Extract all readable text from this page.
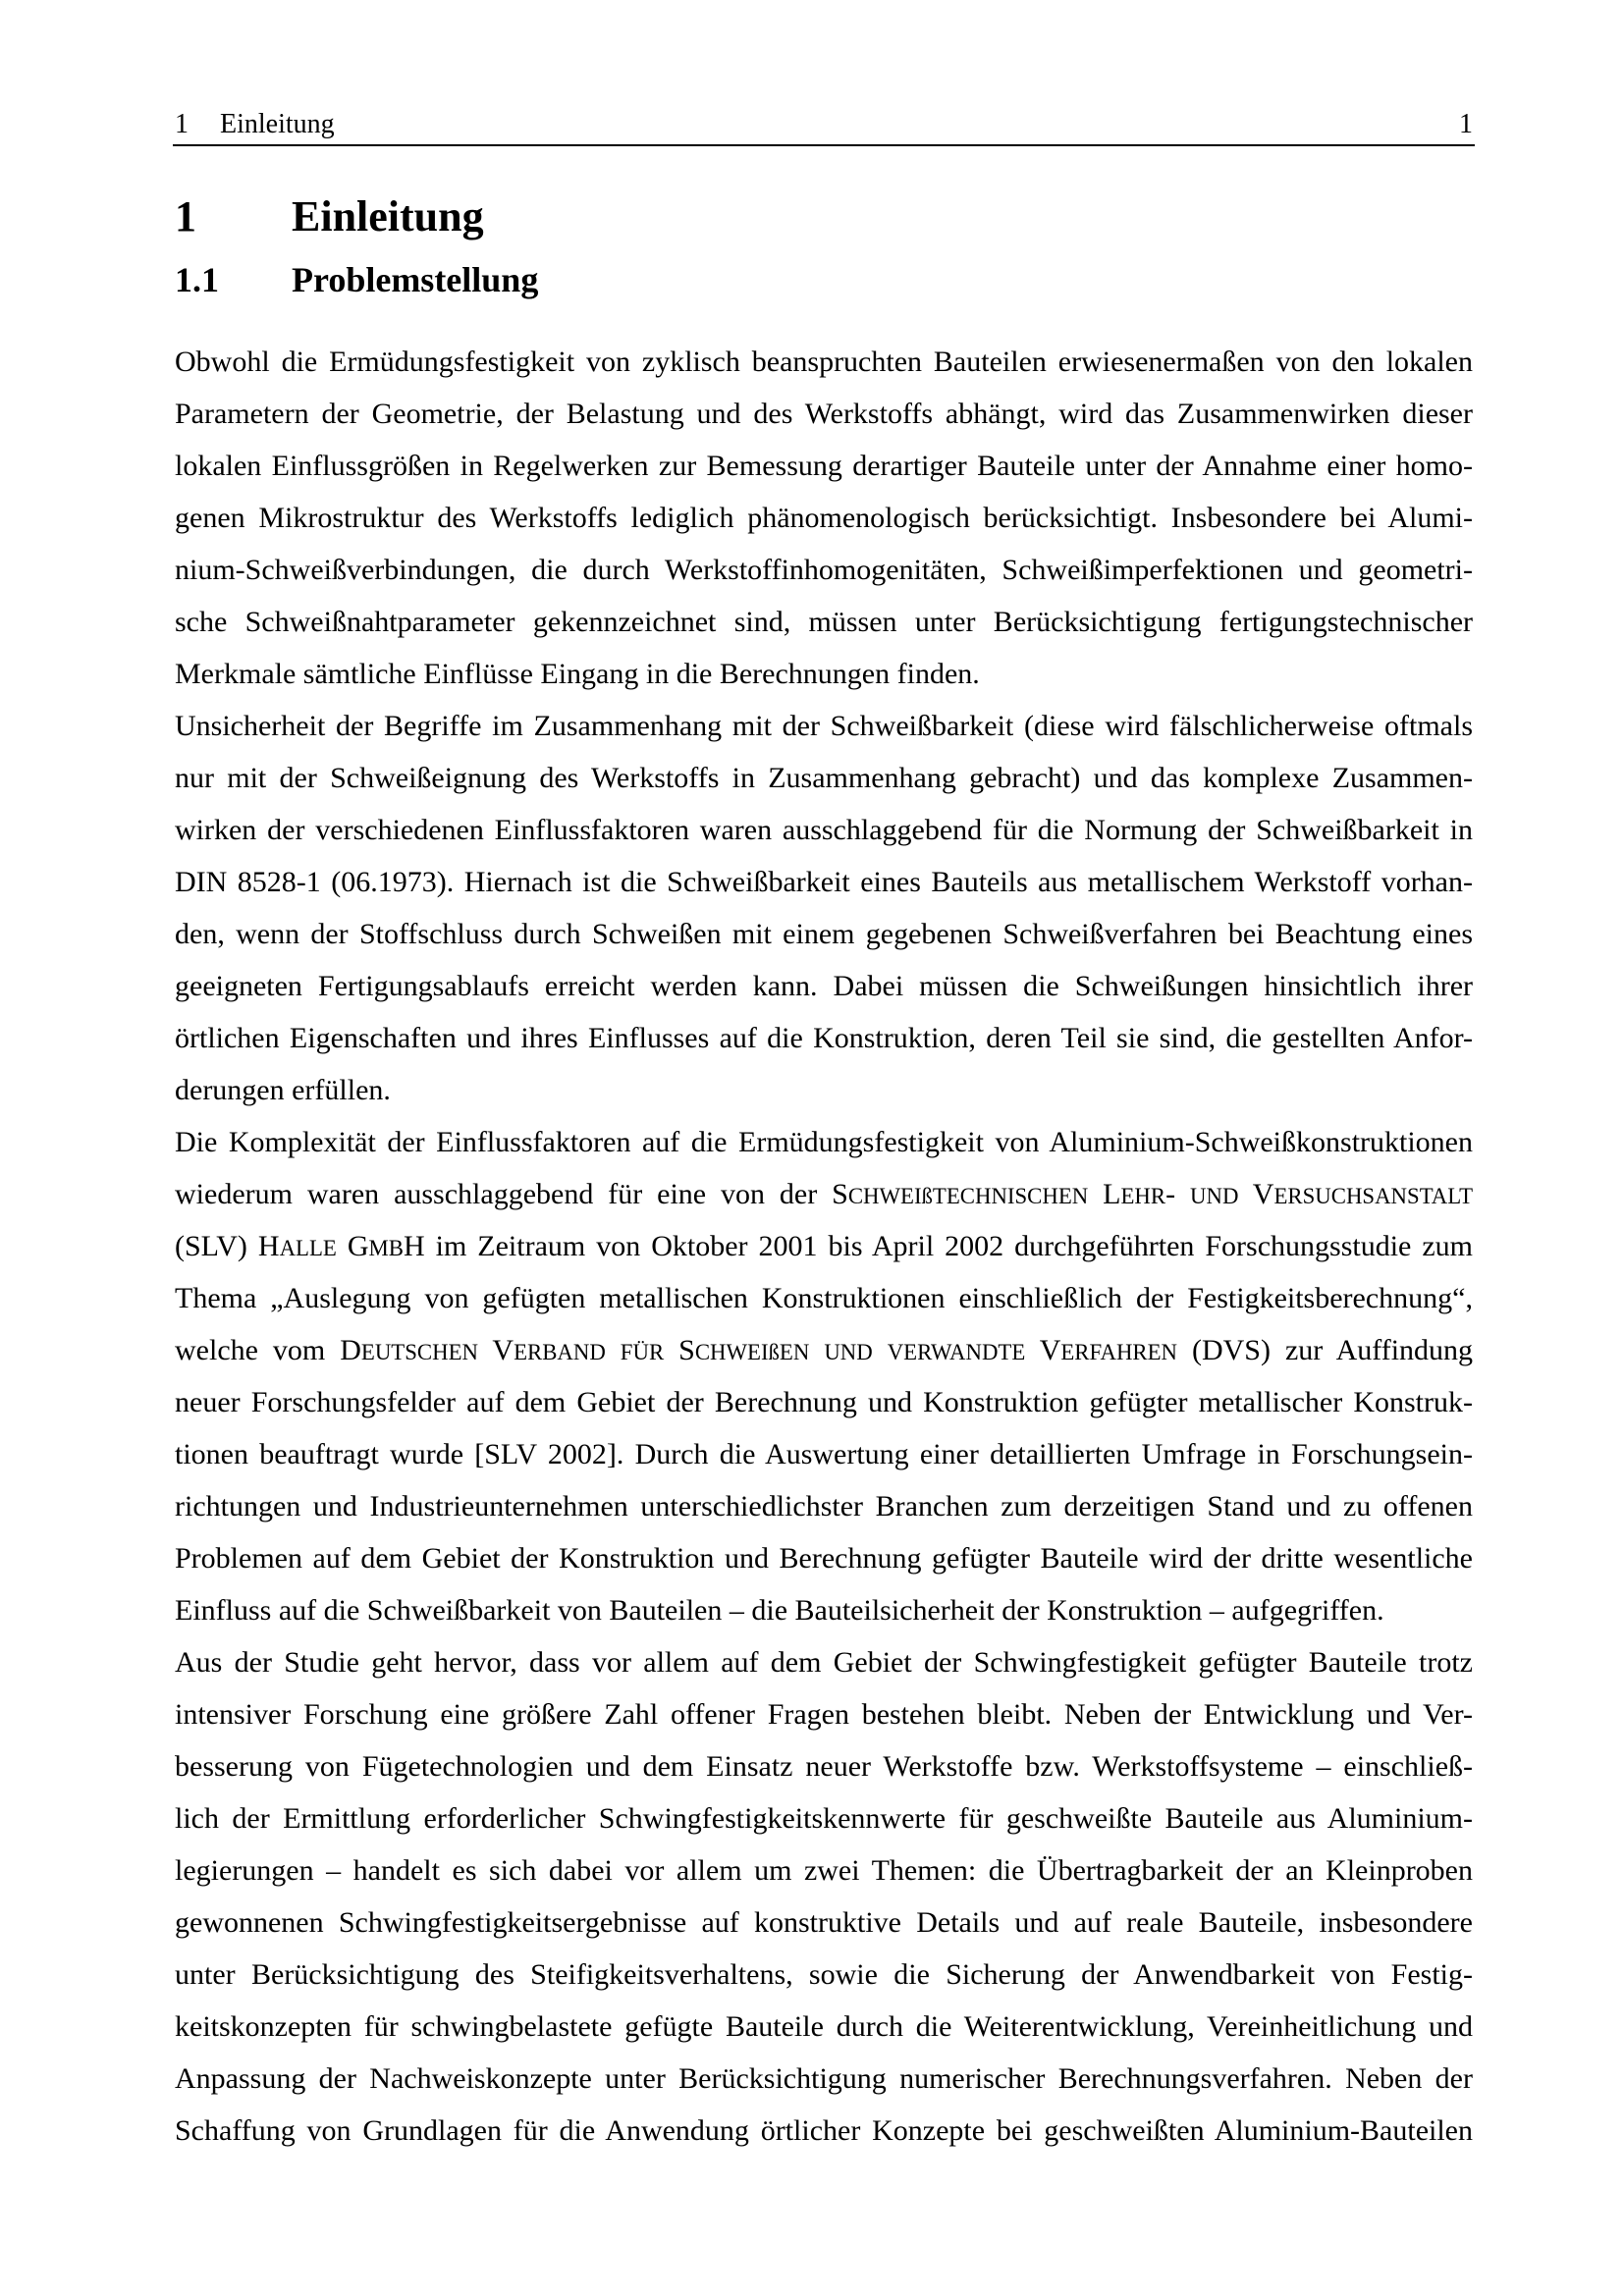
1	Einleitung	1
1	Einleitung
1.1	Problemstellung
Obwohl die Ermüdungsfestigkeit von zyklisch beanspruchten Bauteilen erwiesenermaßen von den lokalen
Parametern der Geometrie, der Belastung und des Werkstoffs abhängt, wird das Zusammenwirken dieser
lokalen Einflussgrößen in Regelwerken zur Bemessung derartiger Bauteile unter der Annahme einer homo-
genen Mikrostruktur des Werkstoffs lediglich phänomenologisch berücksichtigt. Insbesondere bei Alumi-
nium-Schweißverbindungen, die durch Werkstoffinhomogenitäten, Schweißimperfektionen und geometri-
sche Schweißnahtparameter gekennzeichnet sind, müssen unter Berücksichtigung fertigungstechnischer
Merkmale sämtliche Einflüsse Eingang in die Berechnungen finden.
Unsicherheit der Begriffe im Zusammenhang mit der Schweißbarkeit (diese wird fälschlicherweise oftmals
nur mit der Schweißeignung des Werkstoffs in Zusammenhang gebracht) und das komplexe Zusammen-
wirken der verschiedenen Einflussfaktoren waren ausschlaggebend für die Normung der Schweißbarkeit in
DIN 8528-1 (06.1973). Hiernach ist die Schweißbarkeit eines Bauteils aus metallischem Werkstoff vorhan-
den, wenn der Stoffschluss durch Schweißen mit einem gegebenen Schweißverfahren bei Beachtung eines
geeigneten Fertigungsablaufs erreicht werden kann. Dabei müssen die Schweißungen hinsichtlich ihrer
örtlichen Eigenschaften und ihres Einflusses auf die Konstruktion, deren Teil sie sind, die gestellten Anfor-
derungen erfüllen.
Die Komplexität der Einflussfaktoren auf die Ermüdungsfestigkeit von Aluminium-Schweißkonstruktionen
wiederum waren ausschlaggebend für eine von der SCHWEIßTECHNISCHEN LEHR- UND VERSUCHSANSTALT
(SLV) HALLE GMBH im Zeitraum von Oktober 2001 bis April 2002 durchgeführten Forschungsstudie zum
Thema „Auslegung von gefügten metallischen Konstruktionen einschließlich der Festigkeitsberechnung“,
welche vom DEUTSCHEN VERBAND FÜR SCHWEIßEN UND VERWANDTE VERFAHREN (DVS) zur Auffindung
neuer Forschungsfelder auf dem Gebiet der Berechnung und Konstruktion gefügter metallischer Konstruk-
tionen beauftragt wurde [SLV 2002]. Durch die Auswertung einer detaillierten Umfrage in Forschungsein-
richtungen und Industrieunternehmen unterschiedlichster Branchen zum derzeitigen Stand und zu offenen
Problemen auf dem Gebiet der Konstruktion und Berechnung gefügter Bauteile wird der dritte wesentliche
Einfluss auf die Schweißbarkeit von Bauteilen – die Bauteilsicherheit der Konstruktion – aufgegriffen.
Aus der Studie geht hervor, dass vor allem auf dem Gebiet der Schwingfestigkeit gefügter Bauteile trotz
intensiver Forschung eine größere Zahl offener Fragen bestehen bleibt. Neben der Entwicklung und Ver-
besserung von Fügetechnologien und dem Einsatz neuer Werkstoffe bzw. Werkstoffsysteme – einschließ-
lich der Ermittlung erforderlicher Schwingfestigkeitskennwerte für geschweißte Bauteile aus Aluminium-
legierungen – handelt es sich dabei vor allem um zwei Themen: die Übertragbarkeit der an Kleinproben
gewonnenen Schwingfestigkeitsergebnisse auf konstruktive Details und auf reale Bauteile, insbesondere
unter Berücksichtigung des Steifigkeitsverhaltens, sowie die Sicherung der Anwendbarkeit von Festig-
keitskonzepten für schwingbelastete gefügte Bauteile durch die Weiterentwicklung, Vereinheitlichung und
Anpassung der Nachweiskonzepte unter Berücksichtigung numerischer Berechnungsverfahren. Neben der
Schaffung von Grundlagen für die Anwendung örtlicher Konzepte bei geschweißten Aluminium-Bauteilen
